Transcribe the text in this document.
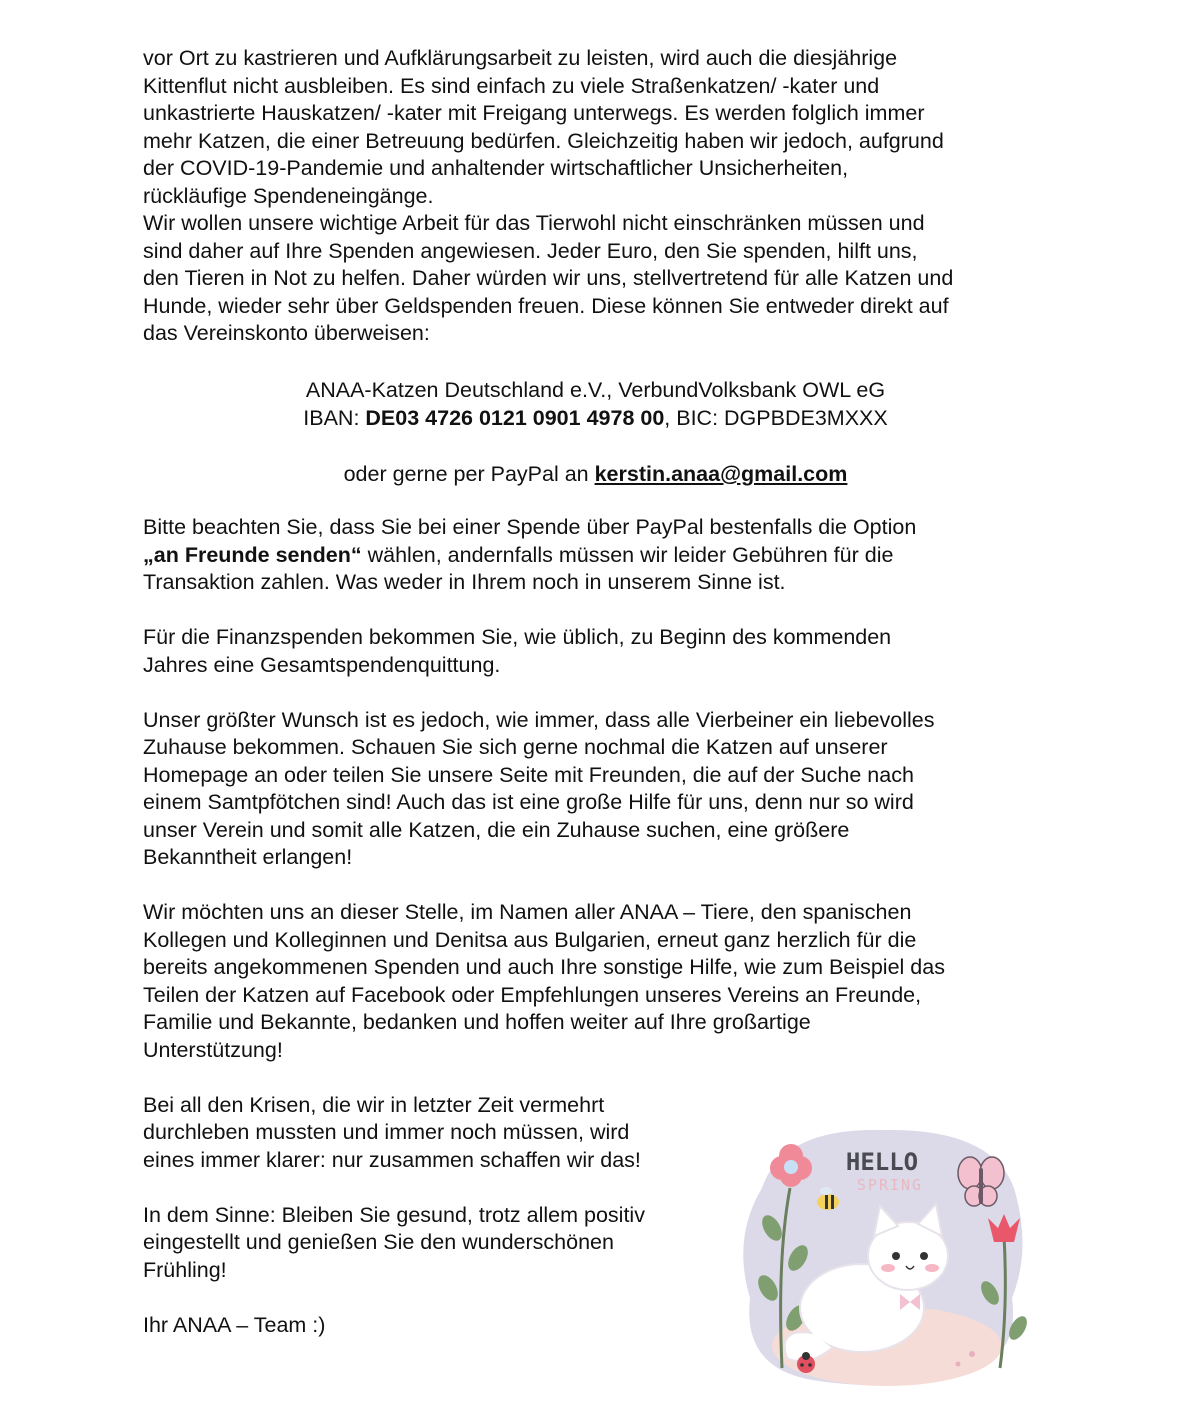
vor Ort zu kastrieren und Aufklärungsarbeit zu leisten, wird auch die diesjährige
Kittenflut nicht ausbleiben. Es sind einfach zu viele Straßenkatzen/ -kater und
unkastrierte Hauskatzen/ -kater mit Freigang unterwegs. Es werden folglich immer
mehr Katzen, die einer Betreuung bedürfen. Gleichzeitig haben wir jedoch, aufgrund
der COVID-19-Pandemie und anhaltender wirtschaftlicher Unsicherheiten,
rückläufige Spendeneingänge.
Wir wollen unsere wichtige Arbeit für das Tierwohl nicht einschränken müssen und
sind daher auf Ihre Spenden angewiesen. Jeder Euro, den Sie spenden, hilft uns,
den Tieren in Not zu helfen. Daher würden wir uns, stellvertretend für alle Katzen und
Hunde, wieder sehr über Geldspenden freuen. Diese können Sie entweder direkt auf
das Vereinskonto überweisen:

ANAA-Katzen Deutschland e.V., VerbundVolksbank OWL eG

IBAN: DE03 4726 0121 0901 4978 00, BIC: DGPBDE3MXXX

oder gerne per PayPal an kerstin.anaa@gmail.com
Bitte beachten Sie, dass Sie bei einer Spende über PayPal bestenfalls die Option
„an Freunde senden“ wählen, andernfalls müssen wir leider Gebühren für die
Transaktion zahlen. Was weder in Ihrem noch in unserem Sinne ist.
Für die Finanzspenden bekommen Sie, wie üblich, zu Beginn des kommenden
Jahres eine Gesamtspendenquittung.
Unser größter Wunsch ist es jedoch, wie immer, dass alle Vierbeiner ein liebevolles
Zuhause bekommen. Schauen Sie sich gerne nochmal die Katzen auf unserer
Homepage an oder teilen Sie unsere Seite mit Freunden, die auf der Suche nach
einem Samtpfötchen sind! Auch das ist eine große Hilfe für uns, denn nur so wird
unser Verein und somit alle Katzen, die ein Zuhause suchen, eine größere
Bekanntheit erlangen!
Wir möchten uns an dieser Stelle, im Namen aller ANAA – Tiere, den spanischen
Kollegen und Kolleginnen und Denitsa aus Bulgarien, erneut ganz herzlich für die
bereits angekommenen Spenden und auch Ihre sonstige Hilfe, wie zum Beispiel das
Teilen der Katzen auf Facebook oder Empfehlungen unseres Vereins an Freunde,
Familie und Bekannte, bedanken und hoffen weiter auf Ihre großartige
Unterstützung!
Bei all den Krisen, die wir in letzter Zeit vermehrt
durchleben mussten und immer noch müssen, wird
eines immer klarer: nur zusammen schaffen wir das!
In dem Sinne: Bleiben Sie gesund, trotz allem positiv
eingestellt und genießen Sie den wunderschönen
Frühling!
Ihr ANAA – Team :)
HELLO
SPRING
